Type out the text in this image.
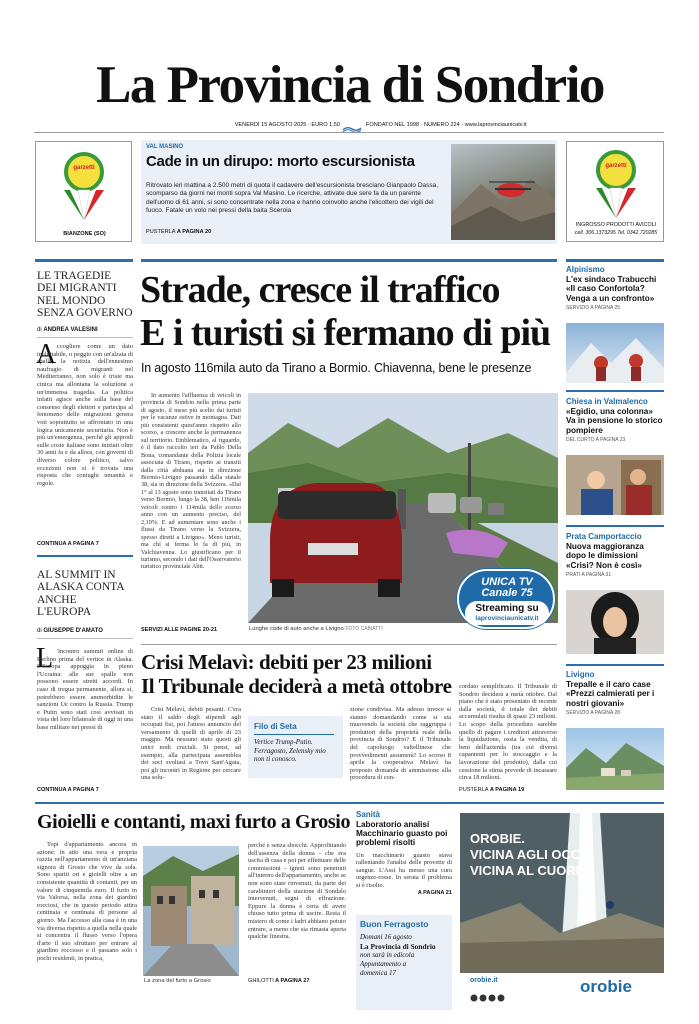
La Provincia di Sondrio
VENERDÌ 15 AGOSTO 2025 · EURO 1,50	FONDATO NEL 1998 · NUMERO 224 · www.laprovinciaunicatv.it
garzetti
BIANZONE (SO)
garzetti
INGROSSO PRODOTTI AVICOLI
cell. 306.1373295 Tel. 0342.720285
VAL MASINO
Cade in un dirupo: morto escursionista
Ritrovato ieri mattina a 2.500 metri di quota il cadavere dell'escursionista bresciano Gianpaolo Dassa, scomparso da giorni nei monti sopra Val Masino. Le ricerche, attivate due sere fa da un parente dell'uomo di 61 anni, si sono concentrate nella zona e hanno coinvolto anche l'elicottero dei vigili del fuoco. Fatale un volo nei pressi della baita Sceroia
PUSTERLA A PAGINA 20
LE TRAGEDIE DEI MIGRANTI NEL MONDO SENZA GOVERNO
di ANDREA VALESINI
A ccogliere come un dato ineluttabile, o peggio con un'alzata di spalle, la notizia dell'ennesimo naufragio di migranti nel Mediterraneo, non solo è triste ma cinica ma allontana la soluzione a un'immensa tragedia. La politica infatti agisce anche sulla base del consenso degli elettori e partecipa al fenomeno delle migrazioni genera voti soprattutto se affrontato in una logica unicamente securitaria. Non è più un'emergenza, perché gli approdi sulle coste italiane sono iniziati oltre 30 anni fa e da allora, con governi di diverso colore politico, salvo eccezioni non si è trovata una risposta che coniughi umanità e regole.
CONTINUA A PAGINA 7
AL SUMMIT IN ALASKA CONTA ANCHE L'EUROPA
di GIUSEPPE D'AMATO
L 'incontro summit online di Berlino prima del vertice in Alaska. L'Europa appoggia in pieno l'Ucraina: alle sue spalle non possono essere stretti accordi. In caso di tregua permanente, allora sì, potrebbero essere ammorbidite le sanzioni Ue contro la Russia. Trump e Putin sono stati così avvisati in vista del loro bilaterale di oggi in una base militare nei pressi di
CONTINUA A PAGINA 7
Strade, cresce il traffico
E i turisti si fermano di più
In agosto 116mila auto da Tirano a Bormio. Chiavenna, bene le presenze
In aumento l'affluenza di veicoli in provincia di Sondrio nella prima parte di agosto, il mese più scelto dai turisti per le vacanze estive in montagna. Dati più consistenti quest'anno rispetto allo scorso, a crescere anche la permanenza sul territorio. Emblematico, al riguardo, è il dato raccolto ieri da Pablo Della Bona, comandante della Polizia locale associata di Tirano, rispetto ai transiti dalla città abduana sia in direzione Bormio-Livigno passando dalla statale 38, sia in direzione della Svizzera. «Dal 1° al 13 agosto sono transitati da Tirano verso Bormio, lungo la 38, ben 116mila veicoli contro i 114mila dello scorso anno con un aumento preciso, del 2,19%. E ad aumentare sono anche i flussi da Tirano verso la Svizzera, spesso diretti a Livigno». Meno turisti, ma chi si ferma lo fa di più, in Valchiavenna. Lo giustificano per il turismo, secondo i dati dell'Osservatorio turistico provinciale Abit.
SERVIZI ALLE PAGINE 20-21	Lunghe code di auto anche a Livigno FOTO CABIATTI
UNICA TV
Canale 75
Streaming su
laprovinciaunicatv.it
Alpinismo
L'ex sindaco Trabucchi «Il caso Confortola? Venga a un confronto»
SERVIZIO A PAGINA 25
Chiesa in Valmalenco
«Egidio, una colonna» Va in pensione lo storico pompiere
DEL CURTO A PAGINA 23
Prata Camportaccio
Nuova maggioranza dopo le dimissioni «Crisi? Non è così»
PRATI A PAGINA 31
Livigno
Trepalle e il caro case «Prezzi calmierati per i nostri giovani»
SERVIZIO A PAGINA 28
Crisi Melavì: debiti per 23 milioni
Il Tribunale deciderà a metà ottobre
Crisi Melavì, debiti pesanti. C'era stato il saldo degli stipendi agli occupati fisi, poi l'atteso annuncio del versamento di quelli di aprile di 23 maggio. Ma nessuno stato questi gli unici nodi cruciali. Si pensi, ad esempio, alla partecipata assemblea dei soci svoltasi a Tovo Sant'Agata, poi gli incontri in Regione per cercare una solu-
Filo di Seta
Vertice Trump-Putin. Ferragosto, Zelensky mio non ti conosco.
zione condivisa. Ma adesso invece si stanno domandando come si sta muovendo la società che raggruppa i produttori della proprietà reale della provincia di Sondrio? E il Tribunale del capoluogo valtellinese che provvedimenti assumerà? Lo scorso 8 aprile la cooperativa Melavì ha proposto domanda di ammissione alla procedura di con-
cordato semplificato. Il Tribunale di Sondrio deciderà a metà ottobre. Dal piano che è stato presentato di recente dalla società, il totale dei debiti accumulati risulta di quasi 23 milioni. Lo scopo della procedura sarebbe quello di pagare i creditori attraverso la liquidazione, ossia la vendita, di beni dell'azienda (tra cui diversi capannoni per lo stoccaggio e la lavorazione del prodotto), dalla cui cessione la stima prevede di incassare circa 18 milioni.
PUSTERLA A PAGINA 19
Gioielli e contanti, maxi furto a Grosio
Topi d'appartamento ancora in azione: in atto una vera e propria razzia nell'appartamento di un'anziana signora di Grosio che vive da sola. Sono spariti ori e gioielli oltre a un consistente quantità di contanti, per un valore di cinquemila euro. Il furto in via Valorsa, nella zona dei giardini rocciosi, che in questo periodo attira centinaia e centinaia di persone al giorno. Ma l'accesso alla casa è in una via diversa rispetto a quella nella quale si concentra il flusso verso l'opera d'arte il suo sfruttato per entrare al giardino roccioso e il passano solo i pochi residenti, in pratica,
La zona del furto a Grosio
perché è senza sbocchi. Approfittando dell'assenza della donna - che era uscita di casa e poi per effettuare delle commissioni - ignoti sono penetrati all'interno dell'appartamento, anche se non sono state rinvenuti, da parte dei carabinieri della stazione di Sondalo intervenuti, segni di effrazione. Eppure la donna è certa di avere chiuso tutto prima di uscire. Resta il mistero di come i ladri abbiano potuto entrare, a meno che sia rimasta aperta qualche finestra.
GHILOTTI A PAGINA 27
Sanità
Laboratorio analisi Macchinario guasto poi problemi risolti
Un macchinario guasto stava rallentando l'analisi delle provette di sangue. L'Asst ha messo una cura urgenze-rosse. In serata il problema si è risolto.
A PAGINA 21
Buon Ferragosto
Domani 16 agosto
La Provincia di Sondrio
non sarà in edicola
Appuntamento a
domenica 17
OROBIE.
VICINA AGLI OCCHI
VICINA AL CUORE
orobie.it	orobie
